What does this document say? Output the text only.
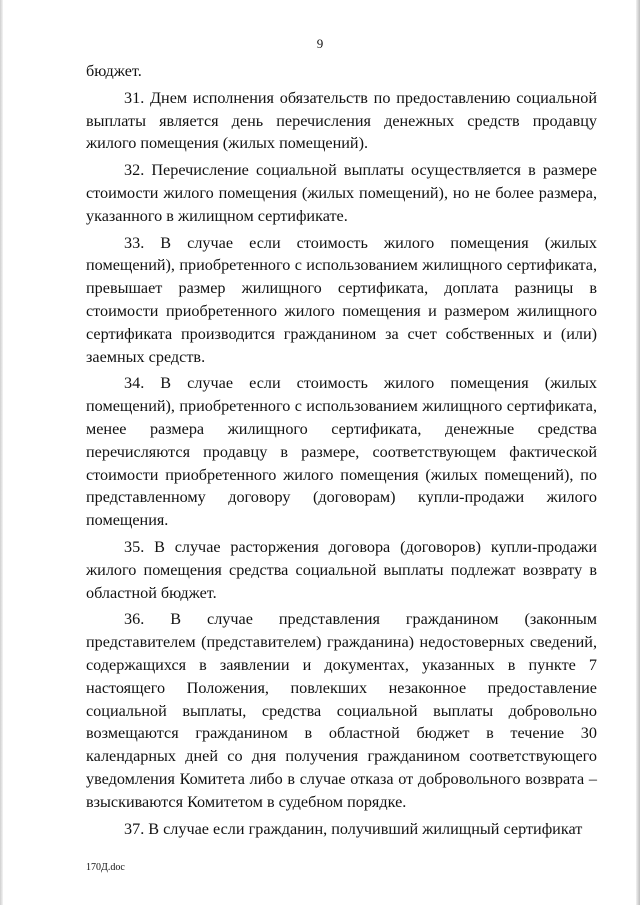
9

бюджет.

31. Днем исполнения обязательств по предоставлению социальной выплаты является день перечисления денежных средств продавцу жилого помещения (жилых помещений).

32. Перечисление социальной выплаты осуществляется в размере стоимости жилого помещения (жилых помещений), но не более размера, указанного в жилищном сертификате.

33. В случае если стоимость жилого помещения (жилых помещений), приобретенного с использованием жилищного сертификата, превышает размер жилищного сертификата, доплата разницы в стоимости приобретенного жилого помещения и размером жилищного сертификата производится гражданином за счет собственных и (или) заемных средств.

34. В случае если стоимость жилого помещения (жилых помещений), приобретенного с использованием жилищного сертификата, менее размера жилищного сертификата, денежные средства перечисляются продавцу в размере, соответствующем фактической стоимости приобретенного жилого помещения (жилых помещений), по представленному договору (договорам) купли-продажи жилого помещения.

35. В случае расторжения договора (договоров) купли-продажи жилого помещения средства социальной выплаты подлежат возврату в областной бюджет.

36. В случае представления гражданином (законным представителем (представителем) гражданина) недостоверных сведений, содержащихся в заявлении и документах, указанных в пункте 7 настоящего Положения, повлекших незаконное предоставление социальной выплаты, средства социальной выплаты добровольно возмещаются гражданином в областной бюджет в течение 30 календарных дней со дня получения гражданином соответствующего уведомления Комитета либо в случае отказа от добровольного возврата – взыскиваются Комитетом в судебном порядке.

37. В случае если гражданин, получивший жилищный сертификат

170Д.doc
